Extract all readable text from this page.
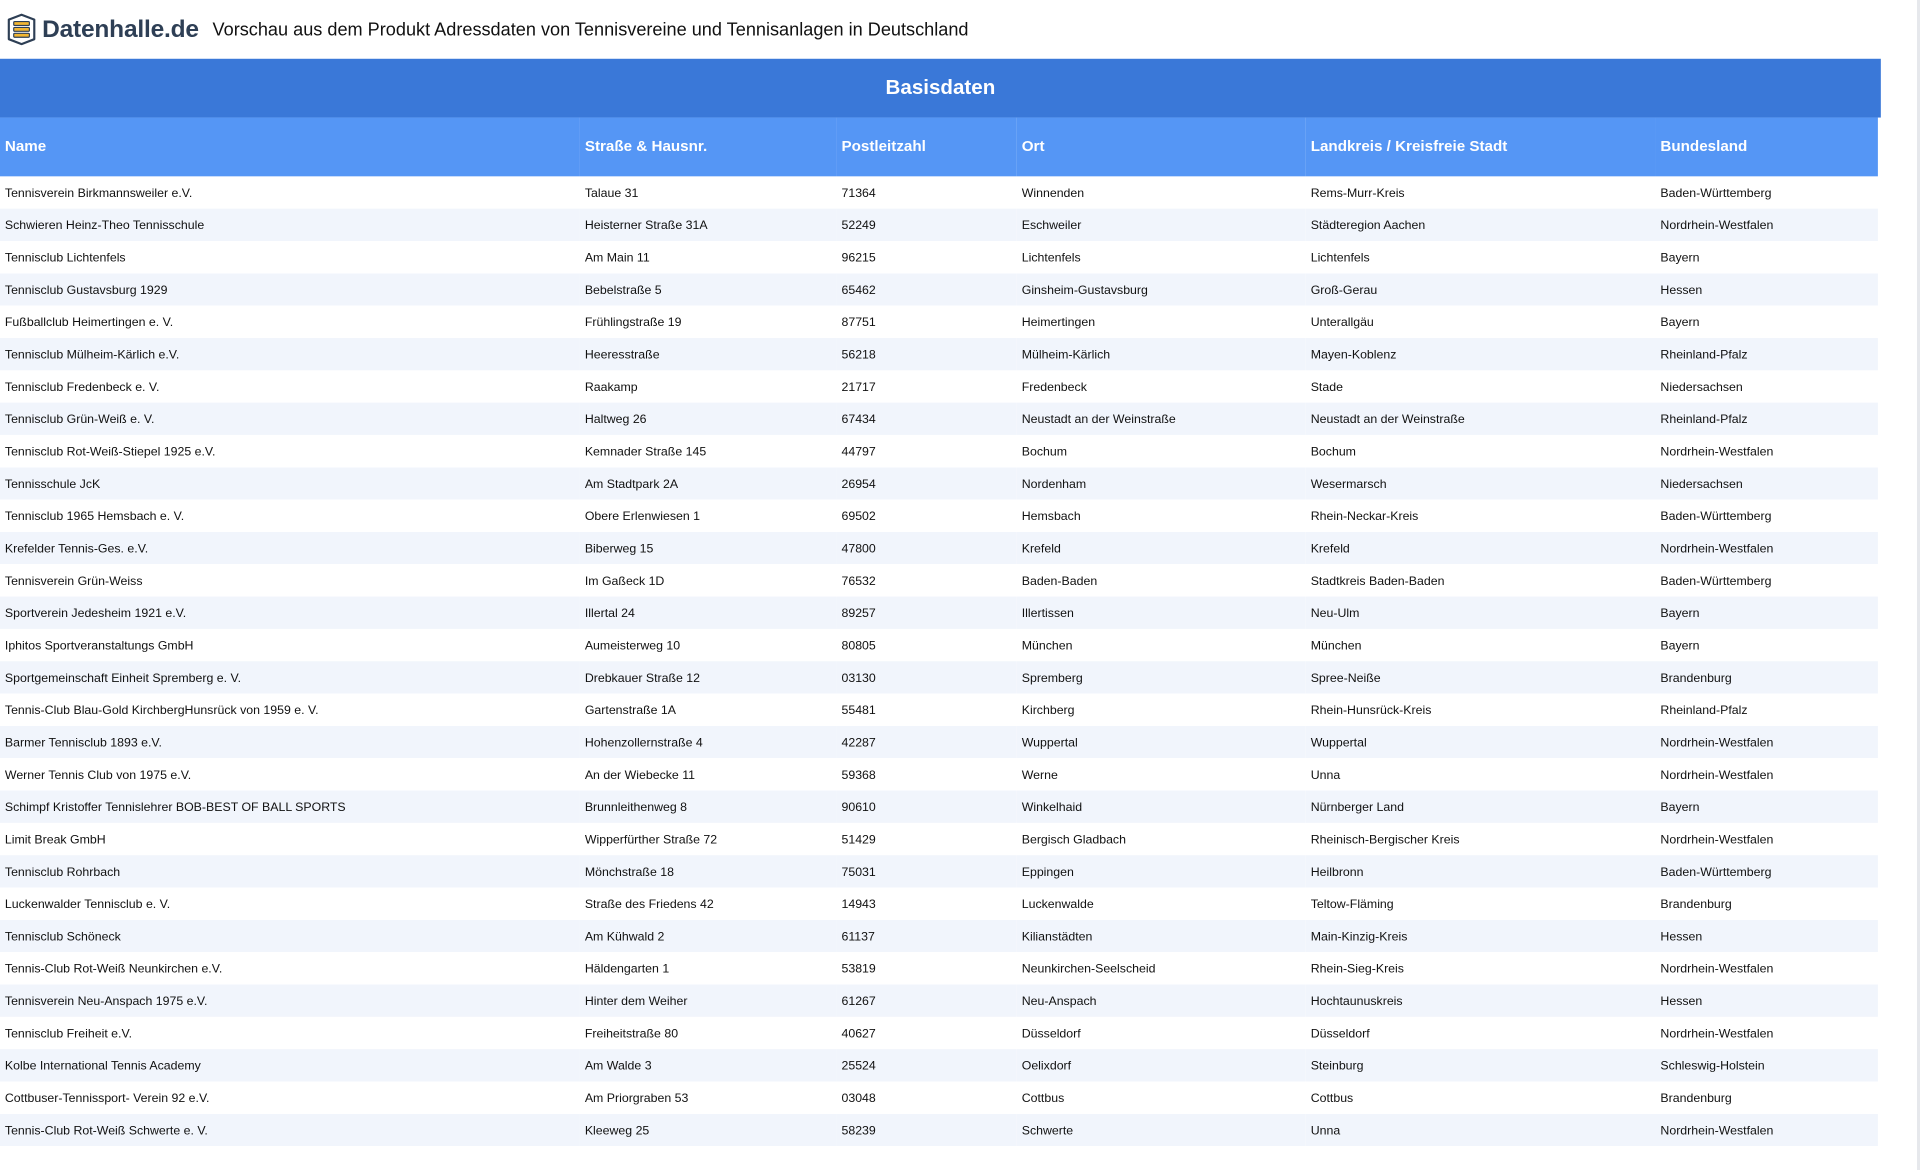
Datenhalle.de Vorschau aus dem Produkt Adressdaten von Tennisvereine und Tennisanlagen in Deutschland
Basisdaten
Name	Straße & Hausnr.	Postleitzahl	Ort	Landkreis / Kreisfreie Stadt	Bundesland
Tennisverein Birkmannsweiler e.V.	Talaue 31	71364	Winnenden	Rems-Murr-Kreis	Baden-Württemberg
Schwieren Heinz-Theo Tennisschule	Heisterner Straße 31A	52249	Eschweiler	Städteregion Aachen	Nordrhein-Westfalen
Tennisclub Lichtenfels	Am Main 11	96215	Lichtenfels	Lichtenfels	Bayern
Tennisclub Gustavsburg 1929	Bebelstraße 5	65462	Ginsheim-Gustavsburg	Groß-Gerau	Hessen
Fußballclub Heimertingen e. V.	Frühlingstraße 19	87751	Heimertingen	Unterallgäu	Bayern
Tennisclub Mülheim-Kärlich e.V.	Heeresstraße	56218	Mülheim-Kärlich	Mayen-Koblenz	Rheinland-Pfalz
Tennisclub Fredenbeck e. V.	Raakamp	21717	Fredenbeck	Stade	Niedersachsen
Tennisclub Grün-Weiß e. V.	Haltweg 26	67434	Neustadt an der Weinstraße	Neustadt an der Weinstraße	Rheinland-Pfalz
Tennisclub Rot-Weiß-Stiepel 1925 e.V.	Kemnader Straße 145	44797	Bochum	Bochum	Nordrhein-Westfalen
Tennisschule JcK	Am Stadtpark 2A	26954	Nordenham	Wesermarsch	Niedersachsen
Tennisclub 1965 Hemsbach e. V.	Obere Erlenwiesen 1	69502	Hemsbach	Rhein-Neckar-Kreis	Baden-Württemberg
Krefelder Tennis-Ges. e.V.	Biberweg 15	47800	Krefeld	Krefeld	Nordrhein-Westfalen
Tennisverein Grün-Weiss	Im Gaßeck 1D	76532	Baden-Baden	Stadtkreis Baden-Baden	Baden-Württemberg
Sportverein Jedesheim 1921 e.V.	Illertal 24	89257	Illertissen	Neu-Ulm	Bayern
Iphitos Sportveranstaltungs GmbH	Aumeisterweg 10	80805	München	München	Bayern
Sportgemeinschaft Einheit Spremberg e. V.	Drebkauer Straße 12	03130	Spremberg	Spree-Neiße	Brandenburg
Tennis-Club Blau-Gold KirchbergHunsrück von 1959 e. V.	Gartenstraße 1A	55481	Kirchberg	Rhein-Hunsrück-Kreis	Rheinland-Pfalz
Barmer Tennisclub 1893 e.V.	Hohenzollernstraße 4	42287	Wuppertal	Wuppertal	Nordrhein-Westfalen
Werner Tennis Club von 1975 e.V.	An der Wiebecke 11	59368	Werne	Unna	Nordrhein-Westfalen
Schimpf Kristoffer Tennislehrer BOB-BEST OF BALL SPORTS	Brunnleithenweg 8	90610	Winkelhaid	Nürnberger Land	Bayern
Limit Break GmbH	Wipperfürther Straße 72	51429	Bergisch Gladbach	Rheinisch-Bergischer Kreis	Nordrhein-Westfalen
Tennisclub Rohrbach	Mönchstraße 18	75031	Eppingen	Heilbronn	Baden-Württemberg
Luckenwalder Tennisclub e. V.	Straße des Friedens 42	14943	Luckenwalde	Teltow-Fläming	Brandenburg
Tennisclub Schöneck	Am Kühwald 2	61137	Kilianstädten	Main-Kinzig-Kreis	Hessen
Tennis-Club Rot-Weiß Neunkirchen e.V.	Häldengarten 1	53819	Neunkirchen-Seelscheid	Rhein-Sieg-Kreis	Nordrhein-Westfalen
Tennisverein Neu-Anspach 1975 e.V.	Hinter dem Weiher	61267	Neu-Anspach	Hochtaunuskreis	Hessen
Tennisclub Freiheit e.V.	Freiheitstraße 80	40627	Düsseldorf	Düsseldorf	Nordrhein-Westfalen
Kolbe International Tennis Academy	Am Walde 3	25524	Oelixdorf	Steinburg	Schleswig-Holstein
Cottbuser-Tennissport- Verein 92 e.V.	Am Priorgraben 53	03048	Cottbus	Cottbus	Brandenburg
Tennis-Club Rot-Weiß Schwerte e. V.	Kleeweg 25	58239	Schwerte	Unna	Nordrhein-Westfalen
